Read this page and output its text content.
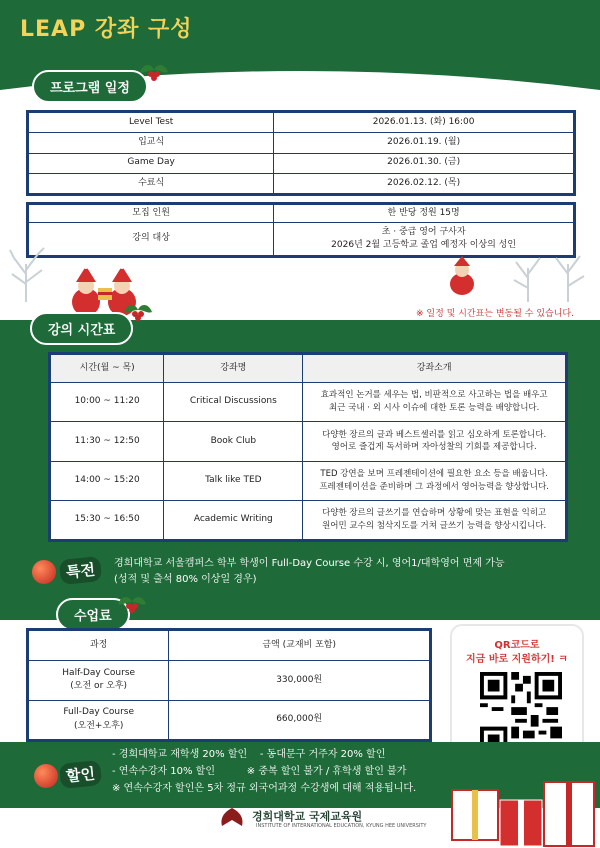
LEAP 강좌 구성
프로그램 일정
Level Test	2026.01.13. (화) 16:00
입교식	2026.01.19. (월)
Game Day	2026.01.30. (금)
수료식	2026.02.12. (목)
모집 인원	한 반당 정원 15명
강의 대상	초 · 중급 영어 구사자
2026년 2월 고등학교 졸업 예정자 이상의 성인
※ 일정 및 시간표는 변동될 수 있습니다.
강의 시간표
시간(월 ~ 목)	강좌명	강좌소개
10:00 ~ 11:20	Critical Discussions	효과적인 논거를 세우는 법, 비판적으로 사고하는 법을 배우고
최근 국내 · 외 시사 이슈에 대한 토론 능력을 배양합니다.

11:30 ~ 12:50	Book Club	다양한 장르의 글과 베스트셀러를 읽고 심오하게 토론합니다.
영어로 즐겁게 독서하며 자아성찰의 기회를 제공합니다.

14:00 ~ 15:20	Talk like TED	TED 강연을 보며 프레젠테이션에 필요한 요소 등을 배웁니다.
프레젠테이션을 준비하며 그 과정에서 영어능력을 향상합니다.

15:30 ~ 16:50	Academic Writing	다양한 장르의 글쓰기를 연습하며 상황에 맞는 표현을 익히고
원어민 교수의 첨삭지도를 거쳐 글쓰기 능력을 향상시킵니다.
특전	경희대학교 서울캠퍼스 학부 학생이 Full-Day Course 수강 시, 영어1/대학영어 면제 가능
(성적 및 출석 80% 이상일 경우)
수업료
과정	금액 (교재비 포함)

Half-Day Course
(오전 or 오후)	330,000원

Full-Day Course
(오전+오후)	660,000원
QR코드로
지금 바로 지원하기! ㅋ
할인
- 경희대학교 재학생 20% 할인 - 동대문구 거주자 20% 할인
- 연속수강자 10% 할인	※ 중복 할인 불가 / 휴학생 할인 불가
※ 연속수강자 할인은 5차 정규 외국어과정 수강생에 대해 적용됩니다.
경희대학교 국제교육원
INSTITUTE OF INTERNATIONAL EDUCATION, KYUNG HEE UNIVERSITY
